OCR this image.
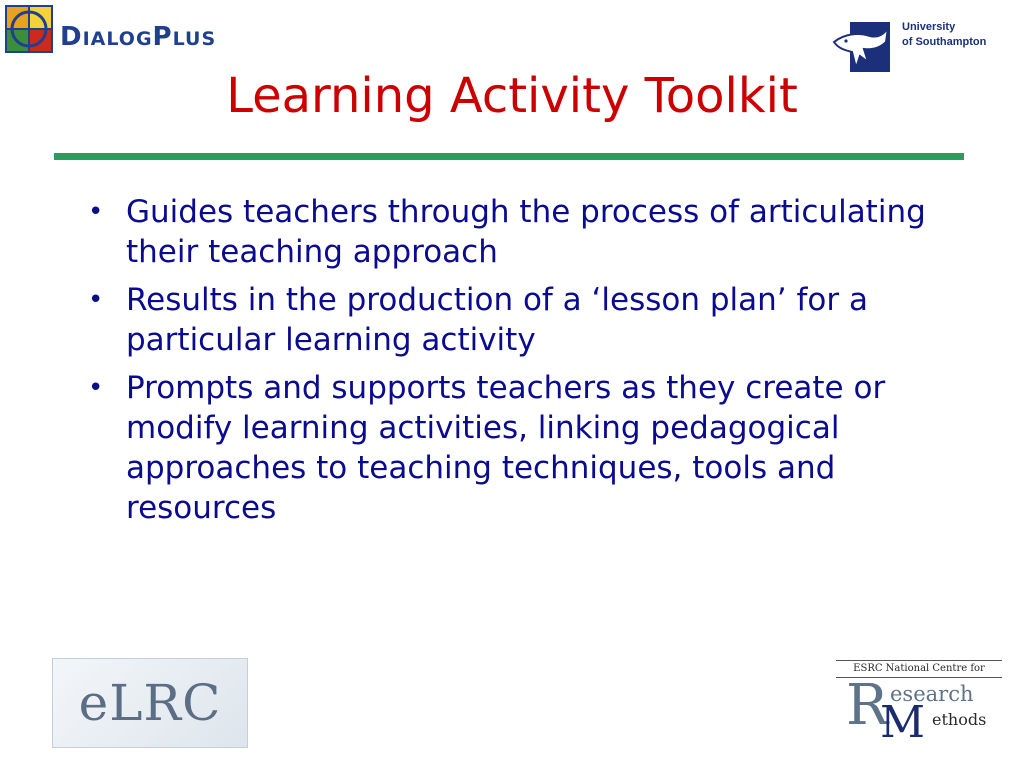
DIALOGPLUS
University
of Southampton
Learning Activity Toolkit
• Guides teachers through the process of articulating their teaching approach
• Results in the production of a ‘lesson plan’ for a particular learning activity
• Prompts and supports teachers as they create or modify learning activities, linking pedagogical approaches to teaching techniques, tools and resources
eLRC
ESRC National Centre for
R
M
esearch
ethods
